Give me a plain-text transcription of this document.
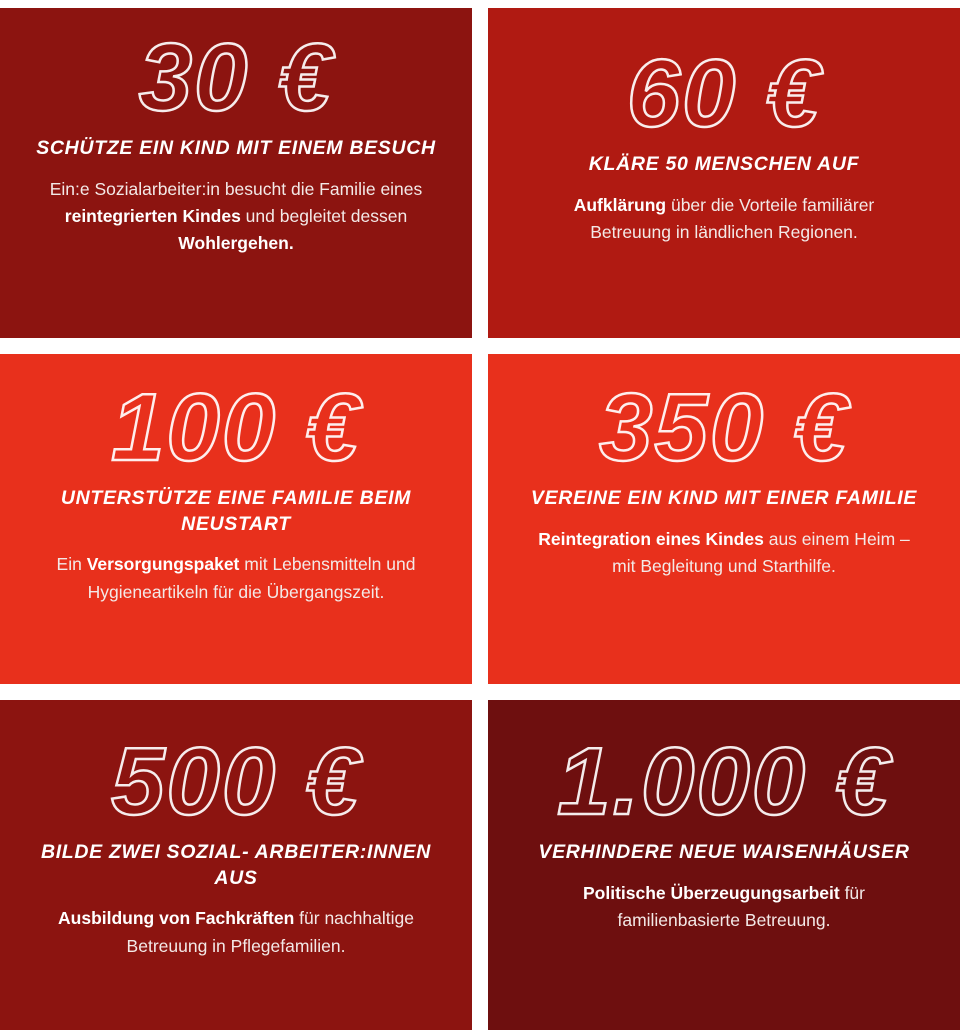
30 €
SCHÜTZE EIN KIND MIT EINEM BESUCH
Ein:e Sozialarbeiter:in besucht die Familie eines reintegrierten Kindes und begleitet dessen Wohlergehen.
60 €
KLÄRE 50 MENSCHEN AUF
Aufklärung über die Vorteile familiärer Betreuung in ländlichen Regionen.
100 €
UNTERSTÜTZE EINE FAMILIE BEIM NEUSTART
Ein Versorgungspaket mit Lebensmitteln und Hygieneartikeln für die Übergangszeit.
350 €
VEREINE EIN KIND MIT EINER FAMILIE
Reintegration eines Kindes aus einem Heim – mit Begleitung und Starthilfe.
500 €
BILDE ZWEI SOZIAL- ARBEITER:INNEN AUS
Ausbildung von Fachkräften für nachhaltige Betreuung in Pflegefamilien.
1.000 €
VERHINDERE NEUE WAISENHÄUSER
Politische Überzeugungsarbeit für familienbasierte Betreuung.
